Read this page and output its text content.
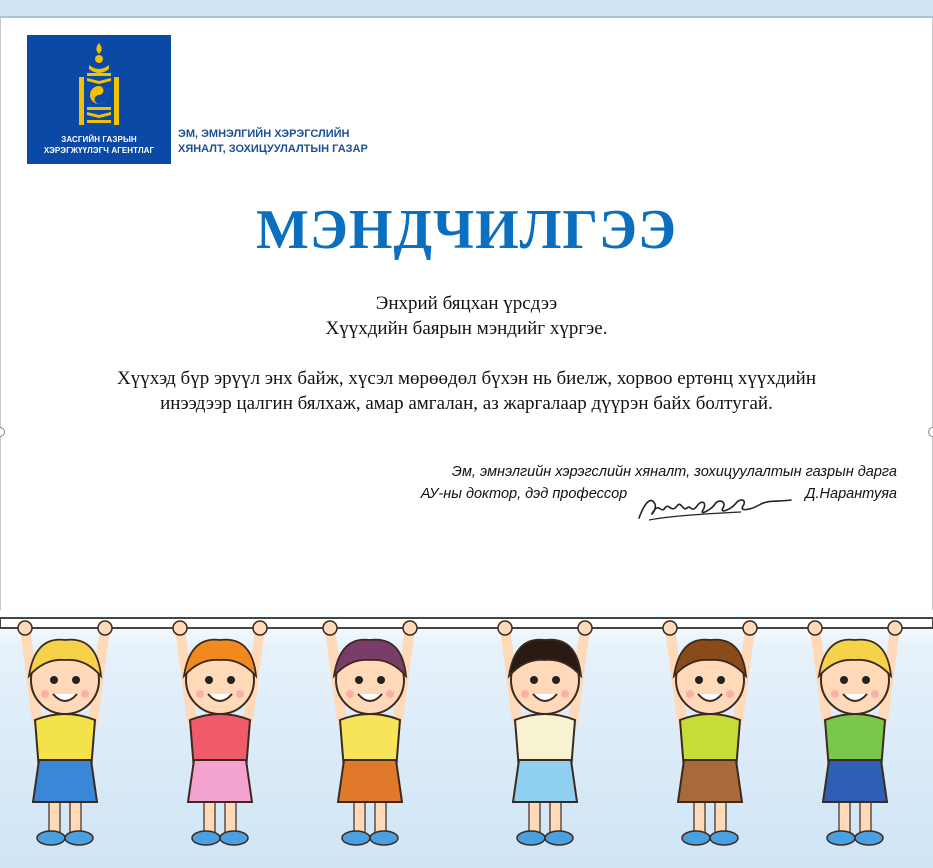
ЗАСГИЙН ГАЗРЫН
ХЭРЭГЖҮҮЛЭГЧ АГЕНТЛАГ
ЭМ, ЭМНЭЛГИЙН ХЭРЭГСЛИЙН
ХЯНАЛТ, ЗОХИЦУУЛАЛТЫН ГАЗАР
МЭНДЧИЛГЭЭ
Энхрий бяцхан үрсдээ
Хүүхдийн баярын мэндийг хүргэе.
Хүүхэд бүр эрүүл энх байж, хүсэл мөрөөдөл бүхэн нь биелж, хорвоо ертөнц хүүхдийн
инээдээр цалгин бялхаж, амар амгалан, аз жаргалаар дүүрэн байх болтугай.
Эм, эмнэлгийн хэрэгслийн хяналт, зохицуулалтын газрын дарга
АУ-ны доктор, дэд профессор	Д.Нарантуяа
